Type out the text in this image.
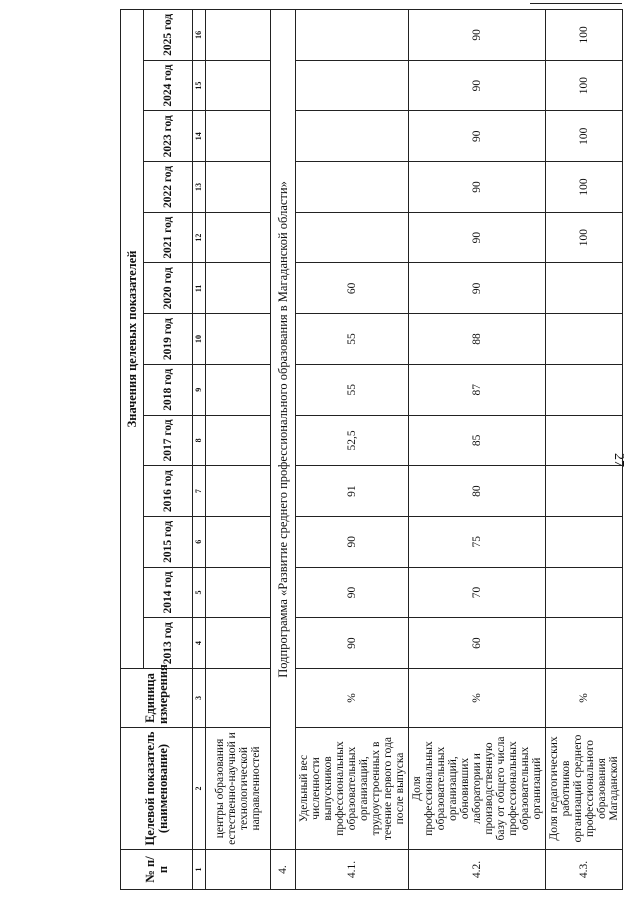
27
№ п/п	Целевой показатель (наименование)	Единица измерения	Значения целевых показателей												
			2013 год	2014 год	2015 год	2016 год	2017 год	2018 год	2019 год	2020 год	2021 год	2022 год	2023 год	2024 год	2025 год
1	2	3	4	5	6	7	8	9	10	11	12	13	14	15	16
	центры образования естественно-научной и технологической направленностей														
4.	Подпрограмма «Развитие среднего профессионального образования в Магаданской области»														
4.1.	Удельный вес численности выпускников профессиональных образовательных организаций, трудоустроенных в течение первого года после выпуска	%	90	90	90	91	52,5	55	55	60					
4.2.	Доля профессиональных образовательных организаций, обновивших лаборатории и производственную базу от общего числа профессиональных образовательных организаций	%	60	70	75	80	85	87	88	90	90	90	90	90	90
4.3.	Доля педагогических работников организаций среднего профессионального образования Магаданской	%									100	100	100	100	100
